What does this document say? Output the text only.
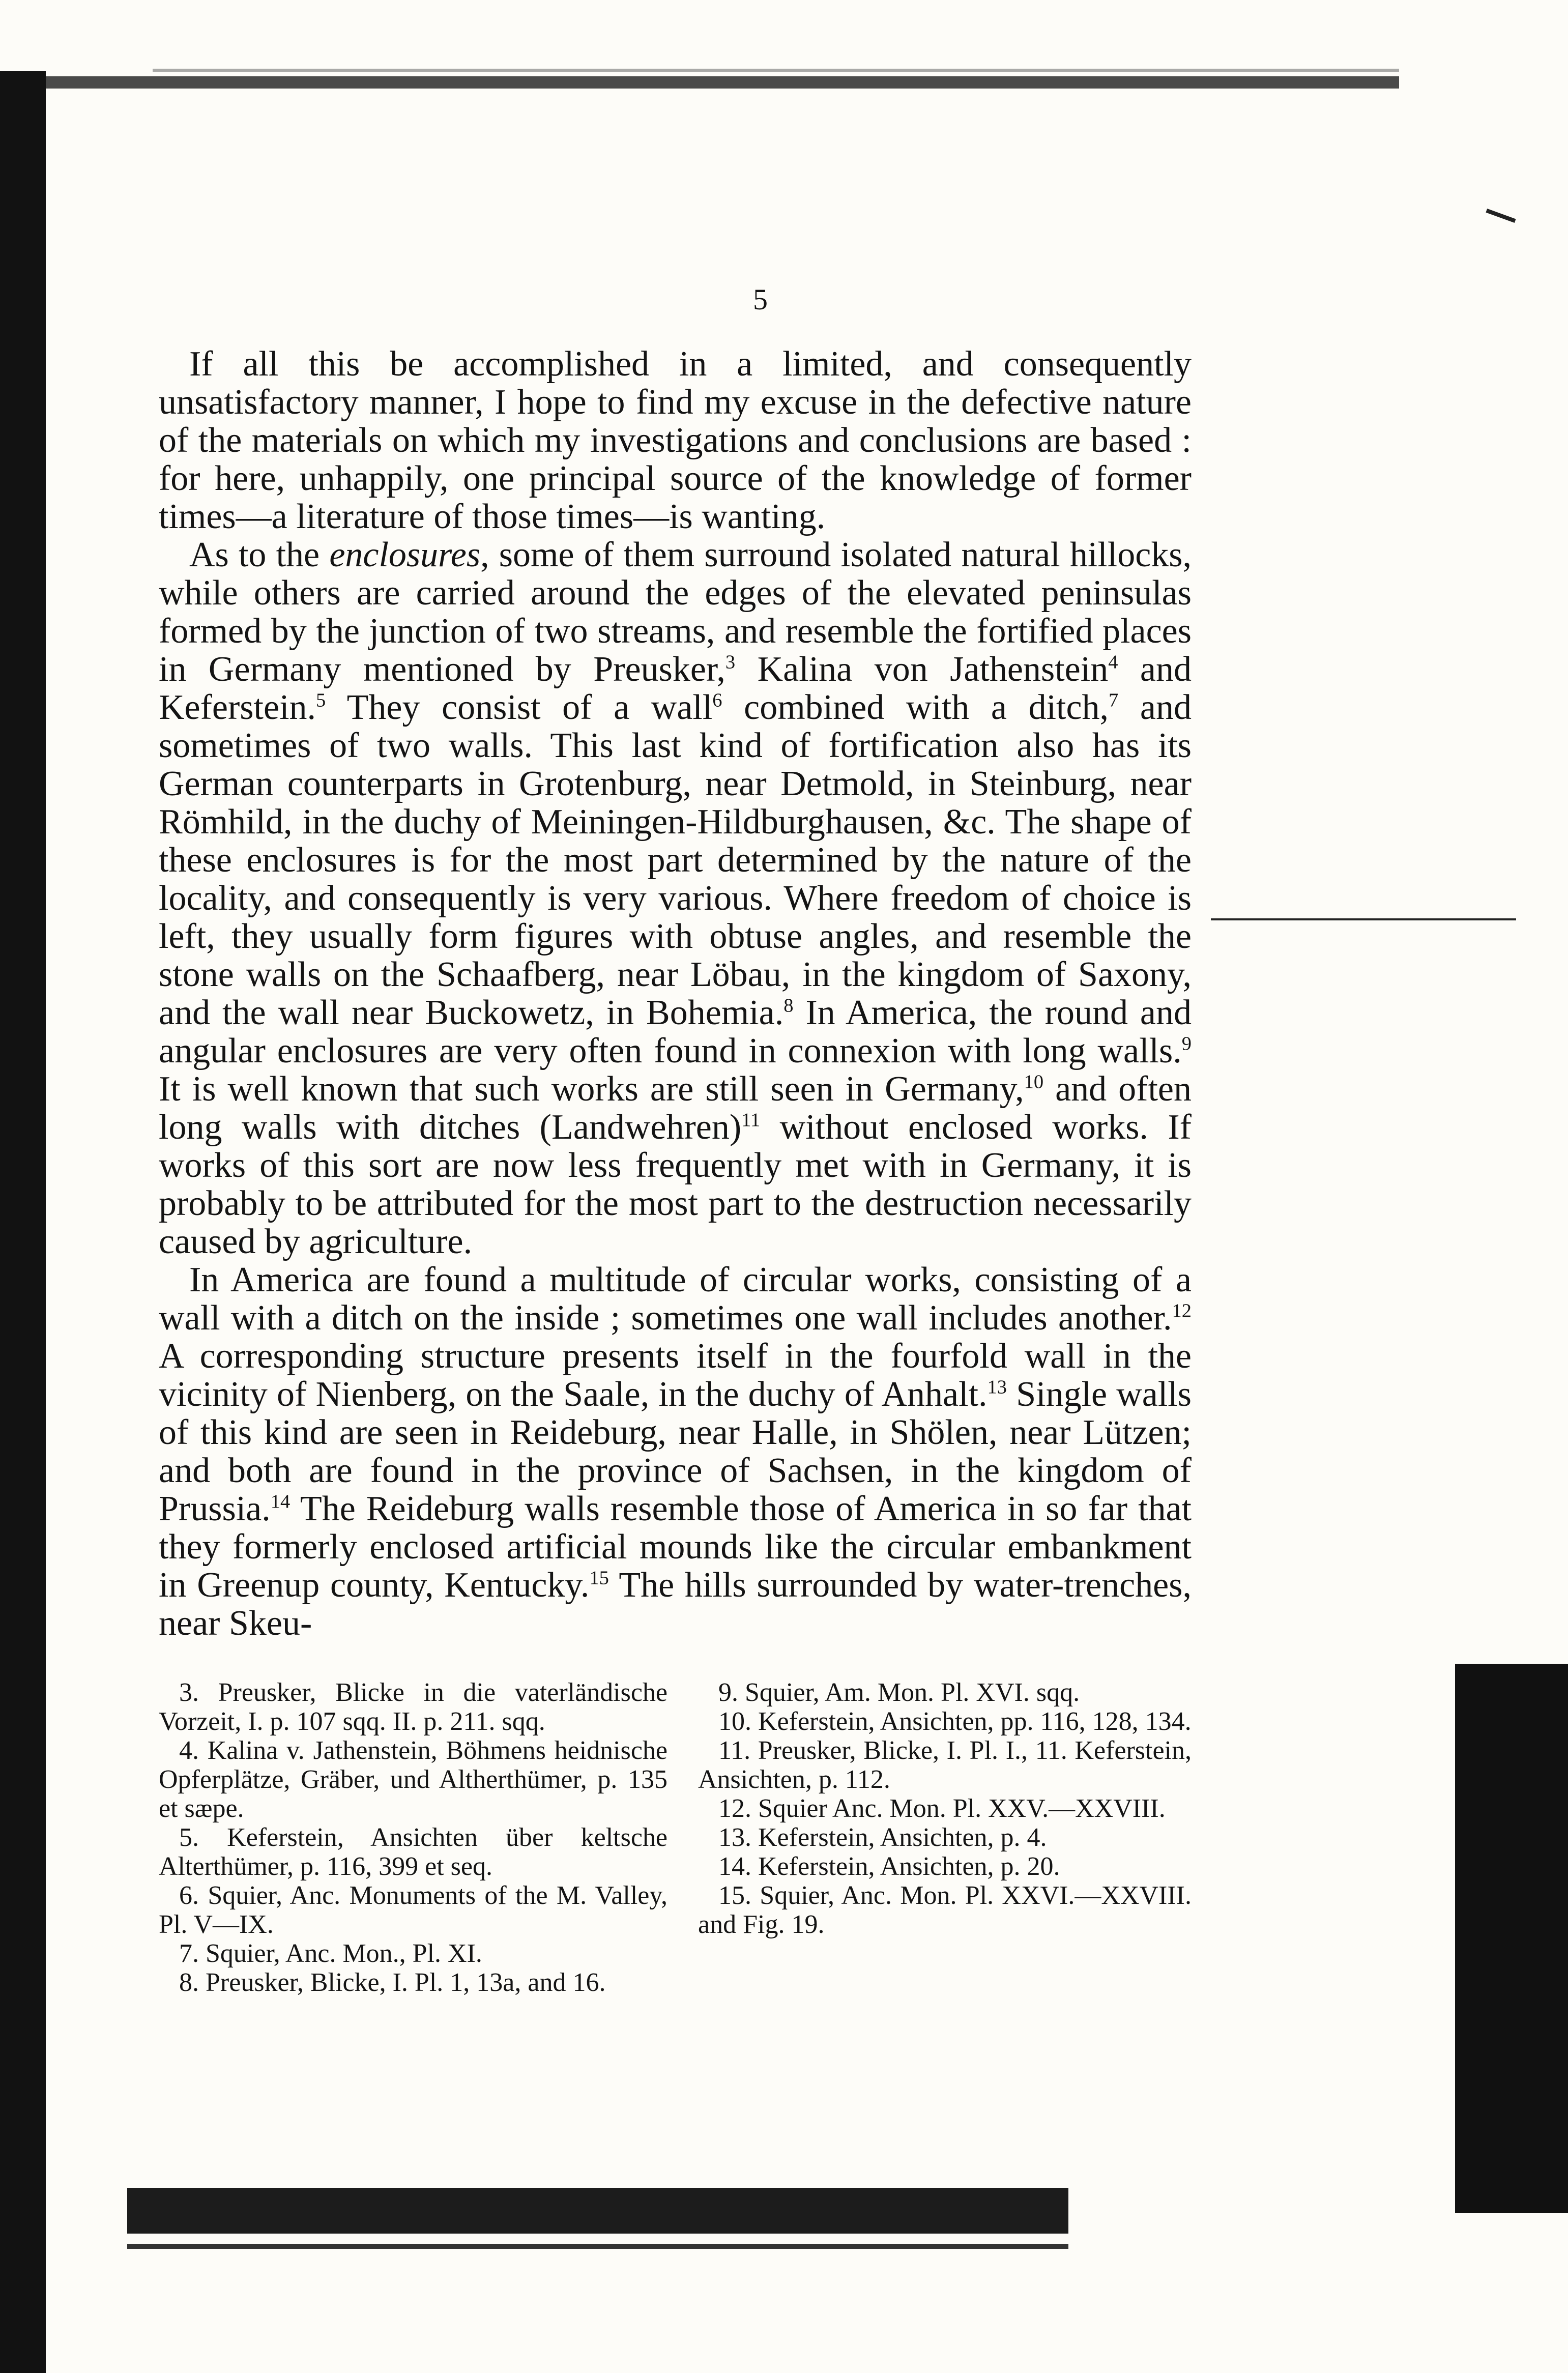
5

If all this be accomplished in a limited, and consequently unsatisfactory manner, I hope to find my excuse in the defective nature of the materials on which my investigations and conclusions are based : for here, unhappily, one principal source of the knowledge of former times—a literature of those times—is wanting.

As to the enclosures, some of them surround isolated natural hillocks, while others are carried around the edges of the elevated peninsulas formed by the junction of two streams, and resemble the fortified places in Germany mentioned by Preusker,$^3$ Kalina von Jathenstein$^4$ and Keferstein.$^5$ They consist of a wall$^6$ combined with a ditch,$^7$ and sometimes of two walls. This last kind of fortification also has its German counterparts in Grotenburg, near Detmold, in Steinburg, near Römhild, in the duchy of Meiningen-Hildburghausen, &c. The shape of these enclosures is for the most part determined by the nature of the locality, and consequently is very various. Where freedom of choice is left, they usually form figures with obtuse angles, and resemble the stone walls on the Schaafberg, near Löbau, in the kingdom of Saxony, and the wall near Buckowetz, in Bohemia.$^8$ In America, the round and angular enclosures are very often found in connexion with long walls.$^9$ It is well known that such works are still seen in Germany,$^{10}$ and often long walls with ditches (Landwehren)$^{11}$ without enclosed works. If works of this sort are now less frequently met with in Germany, it is probably to be attributed for the most part to the destruction necessarily caused by agriculture.

In America are found a multitude of circular works, consisting of a wall with a ditch on the inside ; sometimes one wall includes another.$^{12}$ A corresponding structure presents itself in the fourfold wall in the vicinity of Nienberg, on the Saale, in the duchy of Anhalt.$^{13}$ Single walls of this kind are seen in Reideburg, near Halle, in Shölen, near Lützen; and both are found in the province of Sachsen, in the kingdom of Prussia.$^{14}$ The Reideburg walls resemble those of America in so far that they formerly enclosed artificial mounds like the circular embankment in Greenup county, Kentucky.$^{15}$ The hills surrounded by water-trenches, near Skeu-

3. Preusker, Blicke in die vaterländische Vorzeit, I. p. 107 sqq. II. p. 211. sqq.

4. Kalina v. Jathenstein, Böhmens heidnische Opferplätze, Gräber, und Altherthümer, p. 135 et sæpe.

5. Keferstein, Ansichten über keltsche Alterthümer, p. 116, 399 et seq.

6. Squier, Anc. Monuments of the M. Valley, Pl. V—IX.

7. Squier, Anc. Mon., Pl. XI.

8. Preusker, Blicke, I. Pl. 1, 13a, and 16.

9. Squier, Am. Mon. Pl. XVI. sqq.

10. Keferstein, Ansichten, pp. 116, 128, 134.

11. Preusker, Blicke, I. Pl. I., 11. Keferstein, Ansichten, p. 112.

12. Squier Anc. Mon. Pl. XXV.—XXVIII.

13. Keferstein, Ansichten, p. 4.

14. Keferstein, Ansichten, p. 20.

15. Squier, Anc. Mon. Pl. XXVI.—XXVIII. and Fig. 19.
